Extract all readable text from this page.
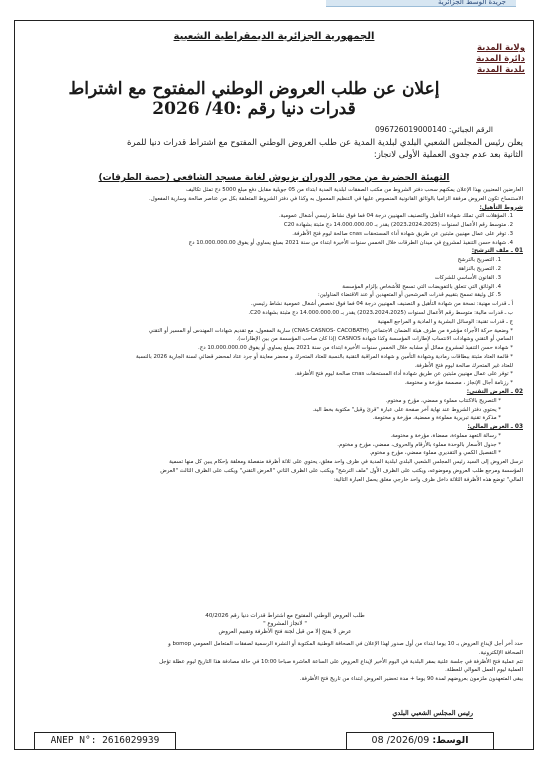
جريدة الوسط الجزائرية
الجمهورية الجزائرية الديمقراطية الشعبية
ولاية المدية
دائرة المدية
بلدية المدية
إعلان عن طلب العروض الوطني المفتوح مع اشتراط قدرات دنيا رقم :40/ 2026
الرقم الجبائي: 096726019000140
يعلن رئيس المجلس الشعبي البلدي لبلدية المدية عن طلب العروض الوطني المفتوح مع اشتراط قدرات دنيا للمرة
الثانية بعد عدم جدوى العملية الأولى لانجاز:
التهيئة الحضرية من محور الدوران بزيوش لغاية مسجد الشافعي (حصة الطرقات)

العارضين المعنيين بهذا الإعلان يمكنهم سحب دفتر الشروط من مكتب الصفقات لبلدية المدية ابتداء من 05 جويلية مقابل دفع مبلغ 5000 دج تمثل تكاليف

الاستنساخ تكون العروض مرفقة الزاميا بالوثائق القانونية المنصوص عليها في التنظيم المعمول به وكذا في دفتر الشروط المتعلقة بكل من عناصر صالحة وسارية المفعول.

شروط التأهيل:

1. المؤهلات التي تملك شهادة التأهيل والتصنيف المهنيين درجة 04 فما فوق نشاط رئيسي أشغال عمومية.

2. متوسط رقم الأعمال لسنوات (2023،2024،2025) يقدر بـ 14.000.000.00 دج مثبتة بشهادة C20

3. توفر على عمال مهنيين مثبتين عن طريق شهادة أداء المستحقات cnas صالحة ليوم فتح الأظرفة.

4. شهادة حسن التنفيذ لمشروع في ميدان الطرقات خلال الخمس سنوات الأخيرة ابتداء من سنة 2021 بمبلغ يساوي أو يفوق 10.000.000.00 دج

01 ـ ملف الترشح:

1. التصريح بالترشح

2. التصريح بالنزاهة

3. القانون الأساسي للشركات

4. الوثائق التي تتعلق بالتفويضات التي تسمح للأشخاص بإلزام المؤسسة

5. كل وثيقة تسمح بتقييم قدرات المرشحين أو المتعهدين أو عند الاقتضاء المناولين:

أ ـ قدرات مهنية: نسخة من شهادة التأهيل و التصنيف المهنيين درجة 04 فما فوق تخصص أشغال عمومية نشاط رئيسي.

ب ـ قدرات مالية: متوسط رقم الأعمال لسنوات (2023،2024،2025) يقدر بـ 14.000.000.00 دج مثبتة بشهادة C20.

ج ـ قدرات تقنية: الوسائل البشرية و المادية و المراجع المهنية

* وضعية حركة الأجراء مؤشرة من طرف هيئة الضمان الاجتماعي (CNAS-CASNOS- CACOBATH) سارية المفعول، مع تقديم شهادات المهندس أو المسير أو التقني

السامي أو التقني وشهادات الانتساب لإطارات المؤسسة وكذا شهادة CASNOS (إذا كان صاحب المؤسسة من بين الإطارات).

* شهادة حسن التنفيذ لمشروع مماثل أو مشابه خلال الخمس سنوات الأخيرة ابتداء من سنة 2021 بمبلغ يساوي أو يفوق 10.000.000.00 دج.

* قائمة العتاد مثبتة ببطاقات رمادية وشهادة التأمين و شهادة المراقبة التقنية بالنسبة للعتاد المتحرك و محضر معاينة أو جرد عتاد لمحضر قضائي لسنة الجارية 2026 بالنسبة

للعتاد غير المتحرك صالحة ليوم فتح الأظرفة.

* توفر على عمال مهنيين مثبتين عن طريق شهادة أداء المستحقات cnas صالحة ليوم فتح الأظرفة.

* رزنامة آجال الإنجاز ، مصممة مؤرخة و مختومة.

02 ـ العرض التقني:

* التصريح بالاكتتاب مملوء و ممضي، مؤرخ و مختوم.

* يحتوي دفتر الشروط عند نهاية آخر صفحة على عبارة "قرئ وقبل" مكتوبة بخط اليد.

* مذكرة تقنية تبريرية مملوءة و ممضية، مؤرخة و مختومة.

03 ـ العرض المالي:

* رسالة التعهد مملوءة، ممضاة، مؤرخة و مختومة.

* جدول الأسعار بالوحدة مملوء بالأرقام والحروف، ممضي، مؤرخ و مختوم.

* التفصيل الكمي و التقديري مملوء ممضي، مؤرخ و مختوم.

ترسل العروض إلى السيد رئيس المجلس الشعبي البلدي لبلدية المدية في ظرف واحد مغلق، يحتوي على ثلاثة أظرفة منفصلة ومغلقة بإحكام يبين كل منها تسمية

المؤسسة ومرجع طلب العروض وموضوعه، ويكتب على الظرف الأول "ملف الترشح" ويكتب على الظرف الثاني "العرض التقني" ويكتب على الظرف الثالث "العرض

المالي" توضع هذه الأظرفة الثلاثة داخل ظرف واحد خارجي مغلق يحمل العبارة التالية:

طلب العروض الوطني المفتوح مع اشتراط قدرات دنيا رقم 40/2026
" لانجاز المشروع "
عرض لا يفتح إلا من قبل لجنة فتح الأظرفة وتقييم العروض

حدد آخر أجل لإيداع العروض بـ 10 يوما ابتداء من أول صدور لهذا الإعلان في الصحافة الوطنية المكتوبة أو النشرة الرسمية لصفقات المتعامل العمومي bomop و

الصحافة الإلكترونية.

تتم عملية فتح الأظرفة في جلسة علنية بمقر البلدية في اليوم الأخير لإيداع العروض على الساعة العاشرة صباحا 10:00 في حالة مصادفة هذا التاريخ ليوم عطلة تؤجل

العملية ليوم العمل الموالي للعطلة.

يبقى المتعهدون ملزمون بعروضهم لمدة 90 يوما + مدة تحضير العروض ابتداء من تاريخ فتح الأظرفة.

رئيس المجلس الشعبي البلدي
ANEP N°: 2616029939	الوسط: 2026/09/ 08
